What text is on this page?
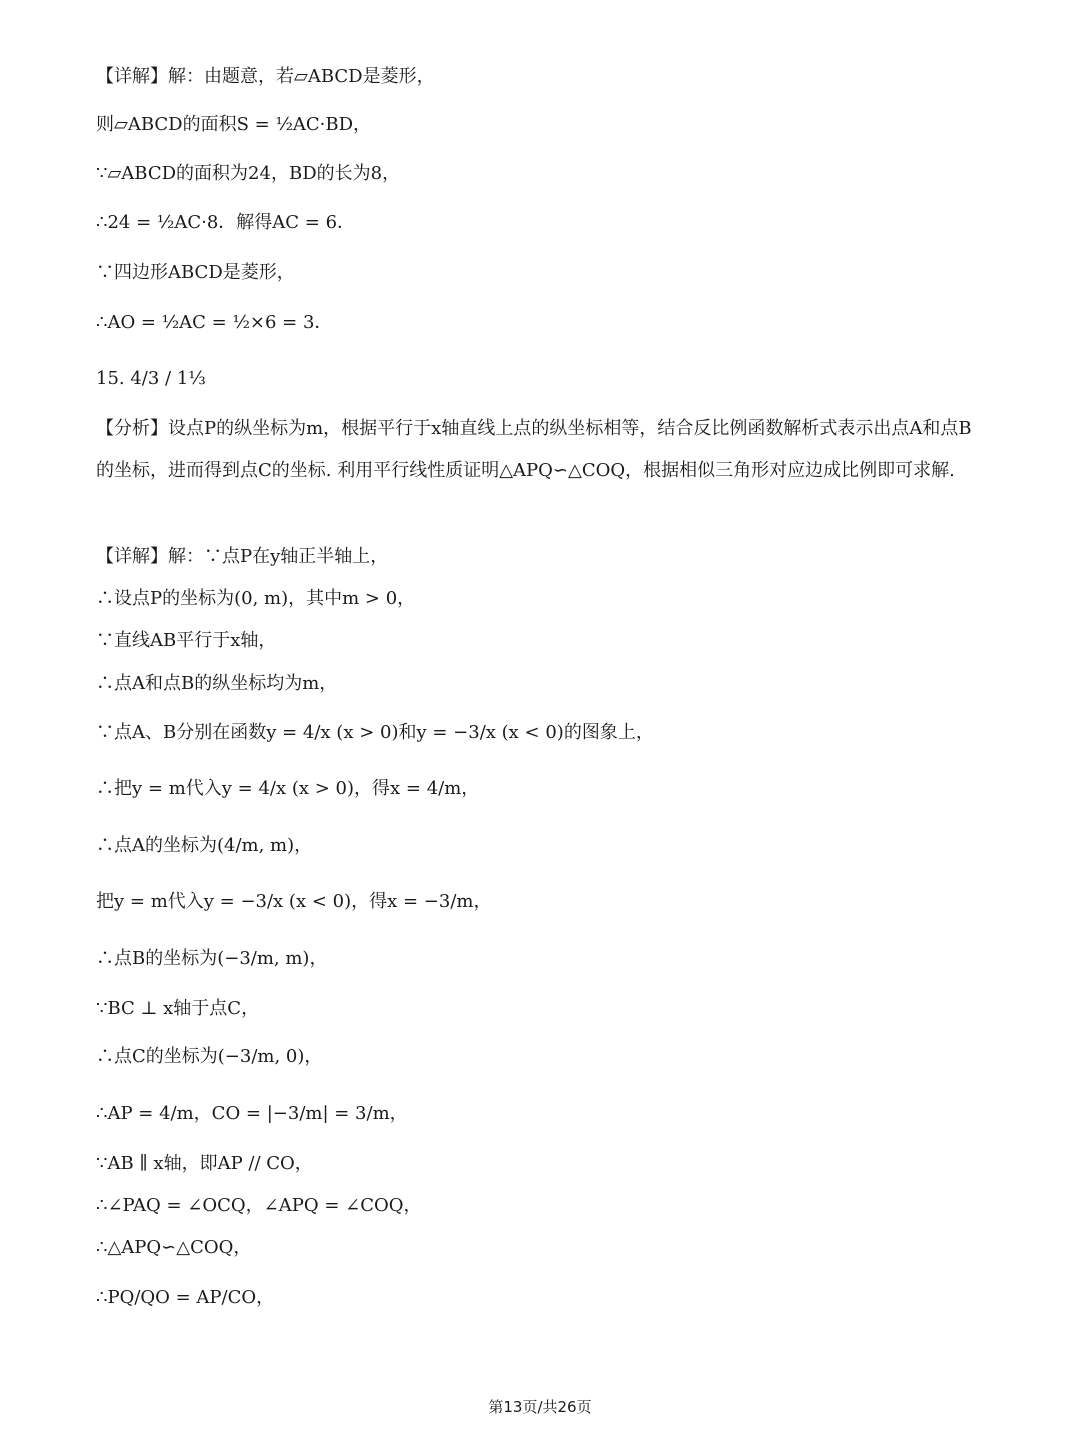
【详解】解：由题意，若▱ABCD是菱形，
则▱ABCD的面积S = ½AC·BD，
∵▱ABCD的面积为24，BD的长为8，
∴24 = ½AC·8．解得AC = 6．
∵四边形ABCD是菱形，
∴AO = ½AC = ½×6 = 3．
15. 4/3 / 1⅓
【分析】设点P的纵坐标为m，根据平行于x轴直线上点的纵坐标相等，结合反比例函数解析式表示出点A和点B的坐标，进而得到点C的坐标. 利用平行线性质证明△APQ∽△COQ，根据相似三角形对应边成比例即可求解.
【详解】解：∵点P在y轴正半轴上，
∴设点P的坐标为(0, m)，其中m > 0，
∵直线AB平行于x轴，
∴点A和点B的纵坐标均为m，
∵点A、B分别在函数y = 4/x (x > 0)和y = −3/x (x < 0)的图象上，
∴把y = m代入y = 4/x (x > 0)，得x = 4/m，
∴点A的坐标为(4/m, m)，
把y = m代入y = −3/x (x < 0)，得x = −3/m，
∴点B的坐标为(−3/m, m)，
∵BC ⊥ x轴于点C，
∴点C的坐标为(−3/m, 0)，
∴AP = 4/m，CO = |−3/m| = 3/m，
∵AB ∥ x轴，即AP // CO，
∴∠PAQ = ∠OCQ，∠APQ = ∠COQ，
∴△APQ∽△COQ，
∴PQ/QO = AP/CO，
第13页/共26页
